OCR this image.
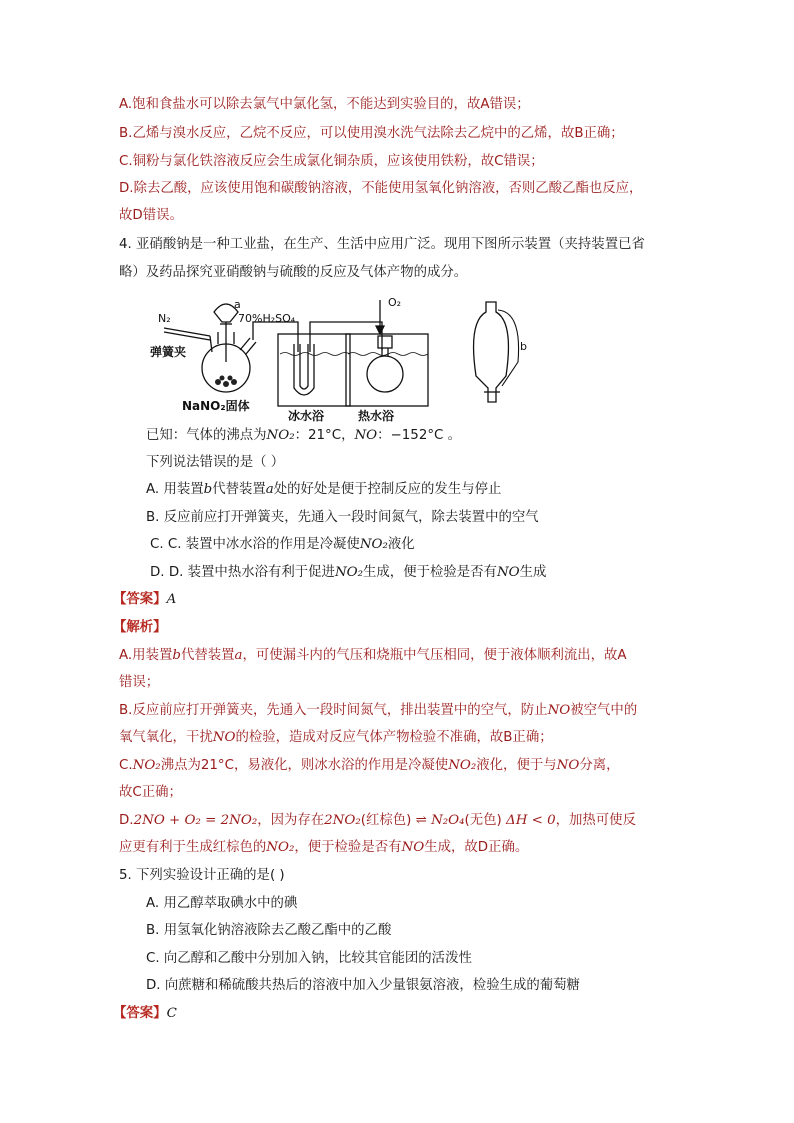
A.饱和食盐水可以除去氯气中氯化氢，不能达到实验目的，故A错误；
B.乙烯与溴水反应，乙烷不反应，可以使用溴水洗气法除去乙烷中的乙烯，故B正确；
C.铜粉与氯化铁溶液反应会生成氯化铜杂质，应该使用铁粉，故C错误；
D.除去乙酸，应该使用饱和碳酸钠溶液，不能使用氢氧化钠溶液，否则乙酸乙酯也反应，
故D错误。
4. 亚硝酸钠是一种工业盐，在生产、生活中应用广泛。现用下图所示装置（夹持装置已省
略）及药品探究亚硝酸钠与硫酸的反应及气体产物的成分。
N₂
弹簧夹
a
70%H₂SO₄
O₂
NaNO₂固体
冰水浴	热水浴
b
已知：气体的沸点为NO₂：21°C，NO：−152°C 。
下列说法错误的是（ ）
A. 用装置b代替装置a处的好处是便于控制反应的发生与停止
B. 反应前应打开弹簧夹，先通入一段时间氮气，除去装置中的空气
C. C. 装置中冰水浴的作用是冷凝使NO₂液化
D. D. 装置中热水浴有利于促进NO₂生成，便于检验是否有NO生成
【答案】A
【解析】
A.用装置b代替装置a，可使漏斗内的气压和烧瓶中气压相同，便于液体顺利流出，故A
错误；
B.反应前应打开弹簧夹，先通入一段时间氮气，排出装置中的空气，防止NO被空气中的
氧气氧化，干扰NO的检验，造成对反应气体产物检验不准确，故B正确；
C.NO₂沸点为21°C，易液化，则冰水浴的作用是冷凝使NO₂液化，便于与NO分离，
故C正确；
D.2NO + O₂ = 2NO₂，因为存在2NO₂(红棕色) ⇌ N₂O₄(无色) ΔH < 0，加热可使反
应更有利于生成红棕色的NO₂，便于检验是否有NO生成，故D正确。
5. 下列实验设计正确的是( )
A. 用乙醇萃取碘水中的碘
B. 用氢氧化钠溶液除去乙酸乙酯中的乙酸
C. 向乙醇和乙酸中分别加入钠，比较其官能团的活泼性
D. 向蔗糖和稀硫酸共热后的溶液中加入少量银氨溶液，检验生成的葡萄糖
【答案】C
